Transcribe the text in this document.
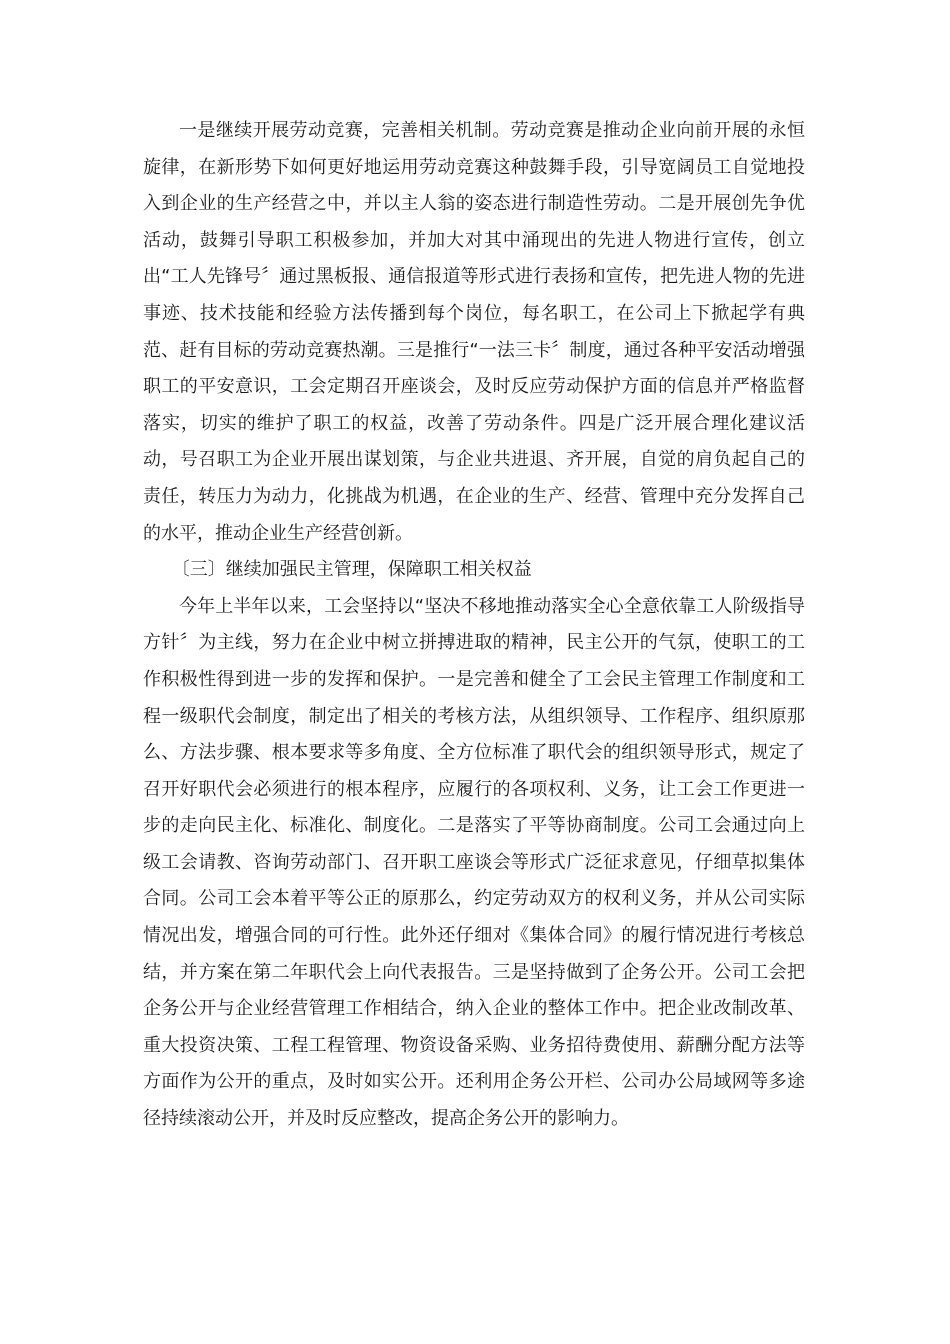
一是继续开展劳动竞赛，完善相关机制。劳动竞赛是推动企业向前开展的永恒旋律，在新形势下如何更好地运用劳动竞赛这种鼓舞手段，引导宽阔员工自觉地投入到企业的生产经营之中，并以主人翁的姿态进行制造性劳动。二是开展创先争优活动，鼓舞引导职工积极参加，并加大对其中涌现出的先进人物进行宣传，创立出“工人先锋号〞通过黑板报、通信报道等形式进行表扬和宣传，把先进人物的先进事迹、技术技能和经验方法传播到每个岗位，每名职工，在公司上下掀起学有典范、赶有目标的劳动竞赛热潮。三是推行“一法三卡〞制度，通过各种平安活动增强职工的平安意识，工会定期召开座谈会，及时反应劳动保护方面的信息并严格监督落实，切实的维护了职工的权益，改善了劳动条件。四是广泛开展合理化建议活动，号召职工为企业开展出谋划策，与企业共进退、齐开展，自觉的肩负起自己的责任，转压力为动力，化挑战为机遇，在企业的生产、经营、管理中充分发挥自己的水平，推动企业生产经营创新。

〔三〕继续加强民主管理，保障职工相关权益

今年上半年以来，工会坚持以“坚决不移地推动落实全心全意依靠工人阶级指导方针〞为主线，努力在企业中树立拼搏进取的精神，民主公开的气氛，使职工的工作积极性得到进一步的发挥和保护。一是完善和健全了工会民主管理工作制度和工程一级职代会制度，制定出了相关的考核方法，从组织领导、工作程序、组织原那么、方法步骤、根本要求等多角度、全方位标准了职代会的组织领导形式，规定了召开好职代会必须进行的根本程序，应履行的各项权利、义务，让工会工作更进一步的走向民主化、标准化、制度化。二是落实了平等协商制度。公司工会通过向上级工会请教、咨询劳动部门、召开职工座谈会等形式广泛征求意见，仔细草拟集体合同。公司工会本着平等公正的原那么，约定劳动双方的权利义务，并从公司实际情况出发，增强合同的可行性。此外还仔细对《集体合同》的履行情况进行考核总结，并方案在第二年职代会上向代表报告。三是坚持做到了企务公开。公司工会把企务公开与企业经营管理工作相结合，纳入企业的整体工作中。把企业改制改革、重大投资决策、工程工程管理、物资设备采购、业务招待费使用、薪酬分配方法等方面作为公开的重点，及时如实公开。还利用企务公开栏、公司办公局域网等多途径持续滚动公开，并及时反应整改，提高企务公开的影响力。
